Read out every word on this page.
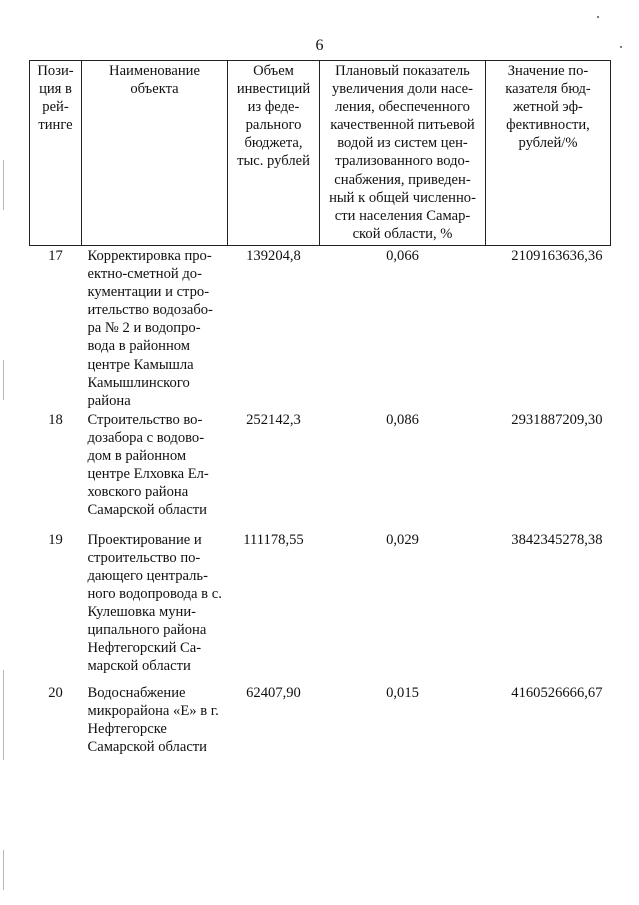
6
Пози-ция в рей-тинге	Наименование объекта	Объем инвестиций из феде-рального бюджета, тыс. рублей	Плановый показатель увеличения доли насе-ления, обеспеченного качественной питьевой водой из систем цен-трализованного водо-снабжения, приведен-ный к общей численно-сти населения Самар-ской области, %	Значение по-казателя бюд-жетной эф-фективности, рублей/%
17	Корректировка про-ектно-сметной до-кументации и стро-ительство водозабо-ра № 2 и водопро-вода в районном центре Камышла Камышлинского района	139204,8	0,066	2109163636,36
18	Строительство во-дозабора с водово-дом в районном центре Елховка Ел-ховского района Самарской области	252142,3	0,086	2931887209,30
19	Проектирование и строительство по-дающего централь-ного водопровода в с. Кулешовка муни-ципального района Нефтегорский Са-марской области	111178,55	0,029	3842345278,38
20	Водоснабжение микрорайона «Е» в г. Нефтегорске Самарской области	62407,90	0,015	4160526666,67
